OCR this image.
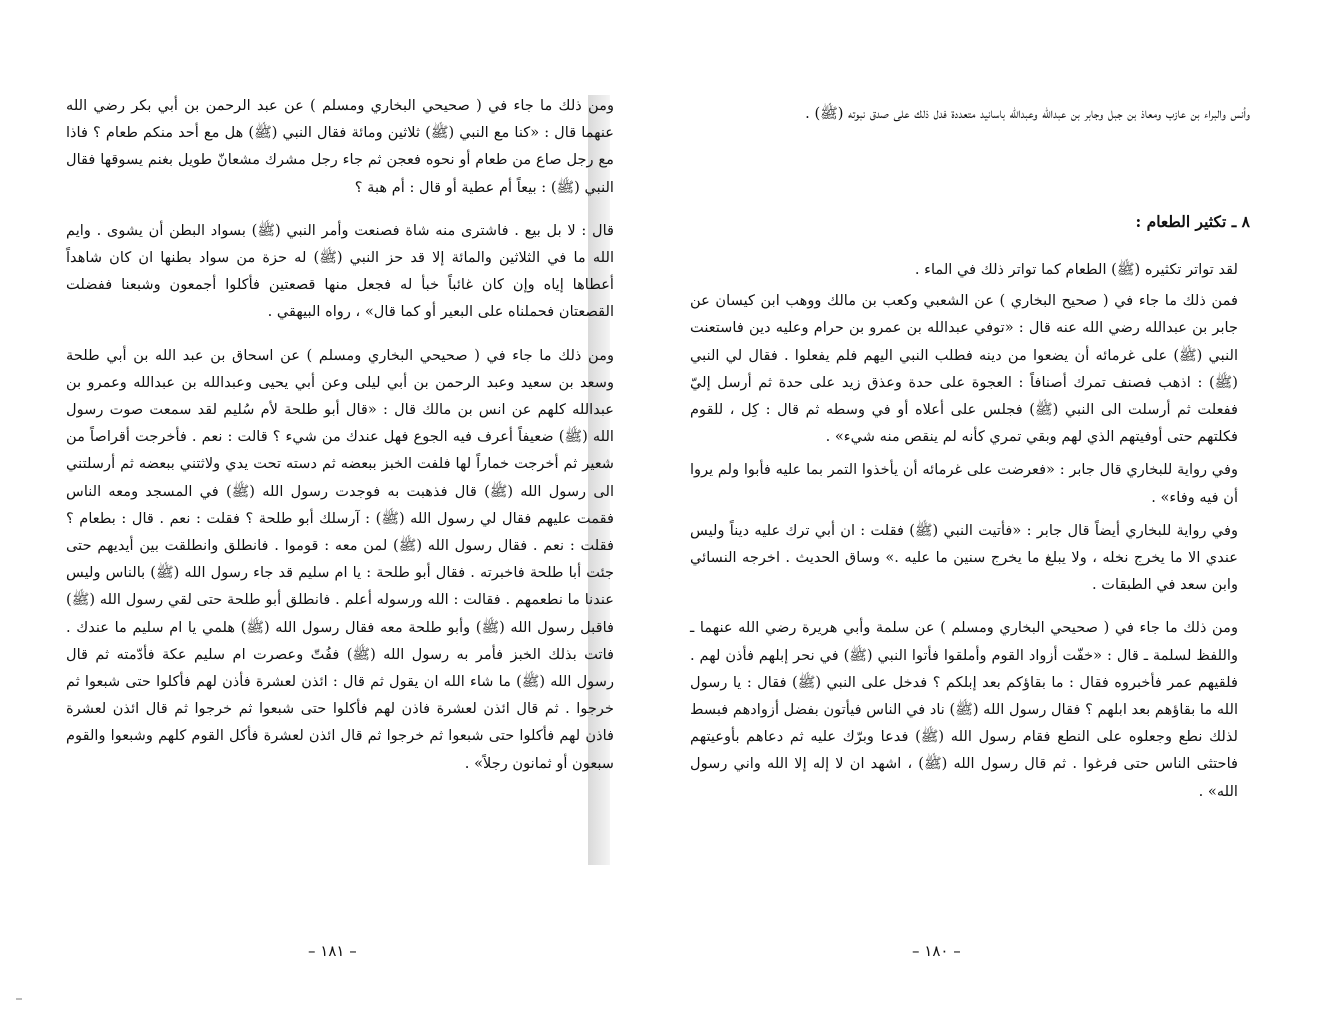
ومن ذلك ما جاء في ( صحيحي البخاري ومسلم ) عن عبد الرحمن بن أبي بكر رضي الله عنهما قال : «كنا مع النبي (ﷺ) ثلاثين ومائة فقال النبي (ﷺ) هل مع أحد منكم طعام ؟ فاذا مع رجل صاع من طعام أو نحوه فعجن ثم جاء رجل مشرك مشعانّ طويل بغنم يسوقها فقال النبي (ﷺ) : بيعاً أم عطية أو قال : أم هبة ؟

قال : لا بل بيع . فاشترى منه شاة فصنعت وأمر النبي (ﷺ) بسواد البطن أن يشوى . وايم الله ما في الثلاثين والمائة إلا قد حز النبي (ﷺ) له حزة من سواد بطنها ان كان شاهداً أعطاها إياه وإن كان غائباً خبأ له فجعل منها قصعتين فأكلوا أجمعون وشبعنا ففضلت القصعتان فحملناه على البعير أو كما قال» ، رواه البيهقي .

ومن ذلك ما جاء في ( صحيحي البخاري ومسلم ) عن اسحاق بن عبد الله بن أبي طلحة وسعد بن سعيد وعبد الرحمن بن أبي ليلى وعن أبي يحيى وعبدالله بن عبدالله وعمرو بن عبدالله كلهم عن انس بن مالك قال : «قال أبو طلحة لأم سُليم لقد سمعت صوت رسول الله (ﷺ) ضعيفاً أعرف فيه الجوع فهل عندك من شيء ؟ قالت : نعم . فأخرجت أقراصاً من شعير ثم أخرجت خماراً لها فلفت الخبز ببعضه ثم دسته تحت يدي ولاثتني ببعضه ثم أرسلتني الى رسول الله (ﷺ) قال فذهبت به فوجدت رسول الله (ﷺ) في المسجد ومعه الناس فقمت عليهم فقال لي رسول الله (ﷺ) : آرسلك أبو طلحة ؟ فقلت : نعم . قال : بطعام ؟ فقلت : نعم . فقال رسول الله (ﷺ) لمن معه : قوموا . فانطلق وانطلقت بين أيديهم حتى جئت أبا طلحة فاخبرته . فقال أبو طلحة : يا ام سليم قد جاء رسول الله (ﷺ) بالناس وليس عندنا ما نطعمهم . فقالت : الله ورسوله أعلم . فانطلق أبو طلحة حتى لقي رسول الله (ﷺ) فاقبل رسول الله (ﷺ) وأبو طلحة معه فقال رسول الله (ﷺ) هلمي يا ام سليم ما عندك . فاتت بذلك الخبز فأمر به رسول الله (ﷺ) ففُتّ وعصرت ام سليم عكة فأدّمته ثم قال رسول الله (ﷺ) ما شاء الله ان يقول ثم قال : ائذن لعشرة فأذن لهم فأكلوا حتى شبعوا ثم خرجوا . ثم قال ائذن لعشرة فاذن لهم فأكلوا حتى شبعوا ثم خرجوا ثم قال ائذن لعشرة فاذن لهم فأكلوا حتى شبعوا ثم خرجوا ثم قال ائذن لعشرة فأكل القوم كلهم وشبعوا والقوم سبعون أو ثمانون رجلاً» .

– ١٨١ –

وأنس والبراء بن عازب ومعاذ بن جبل وجابر بن عبدالله وعبدالله باسانيد متعددة فدل ذلك على صدق نبوته (ﷺ) .

٨ ـ تكثير الطعام :

لقد تواتر تكثيره (ﷺ) الطعام كما تواتر ذلك في الماء .

فمن ذلك ما جاء في ( صحيح البخاري ) عن الشعبي وكعب بن مالك ووهب ابن كيسان عن جابر بن عبدالله رضي الله عنه قال : «توفي عبدالله بن عمرو بن حرام وعليه دين فاستعنت النبي (ﷺ) على غرمائه أن يضعوا من دينه فطلب النبي اليهم فلم يفعلوا . فقال لي النبي (ﷺ) : اذهب فصنف تمرك أصنافاً : العجوة على حدة وعذق زيد على حدة ثم أرسل إليّ ففعلت ثم أرسلت الى النبي (ﷺ) فجلس على أعلاه أو في وسطه ثم قال : كِل ، للقوم فكلتهم حتى أوفيتهم الذي لهم وبقي تمري كأنه لم ينقص منه شيء» .

وفي رواية للبخاري قال جابر : «فعرضت على غرمائه أن يأخذوا التمر بما عليه فأبوا ولم يروا أن فيه وفاء» .

وفي رواية للبخاري أيضاً قال جابر : «فأتيت النبي (ﷺ) فقلت : ان أبي ترك عليه ديناً وليس عندي الا ما يخرج نخله ، ولا يبلغ ما يخرج سنين ما عليه .» وساق الحديث . اخرجه النسائي وابن سعد في الطبقات .

ومن ذلك ما جاء في ( صحيحي البخاري ومسلم ) عن سلمة وأبي هريرة رضي الله عنهما ـ واللفظ لسلمة ـ قال : «خفّت أزواد القوم وأملقوا فأتوا النبي (ﷺ) في نحر إبلهم فأذن لهم . فلقيهم عمر فأخبروه فقال : ما بقاؤكم بعد إبلكم ؟ فدخل على النبي (ﷺ) فقال : يا رسول الله ما بقاؤهم بعد ابلهم ؟ فقال رسول الله (ﷺ) ناد في الناس فيأتون بفضل أزوادهم فبسط لذلك نطع وجعلوه على النطع فقام رسول الله (ﷺ) فدعا وبرّك عليه ثم دعاهم بأوعيتهم فاحتثى الناس حتى فرغوا . ثم قال رسول الله (ﷺ) ، اشهد ان لا إله إلا الله واني رسول الله» .

– ١٨٠ –
